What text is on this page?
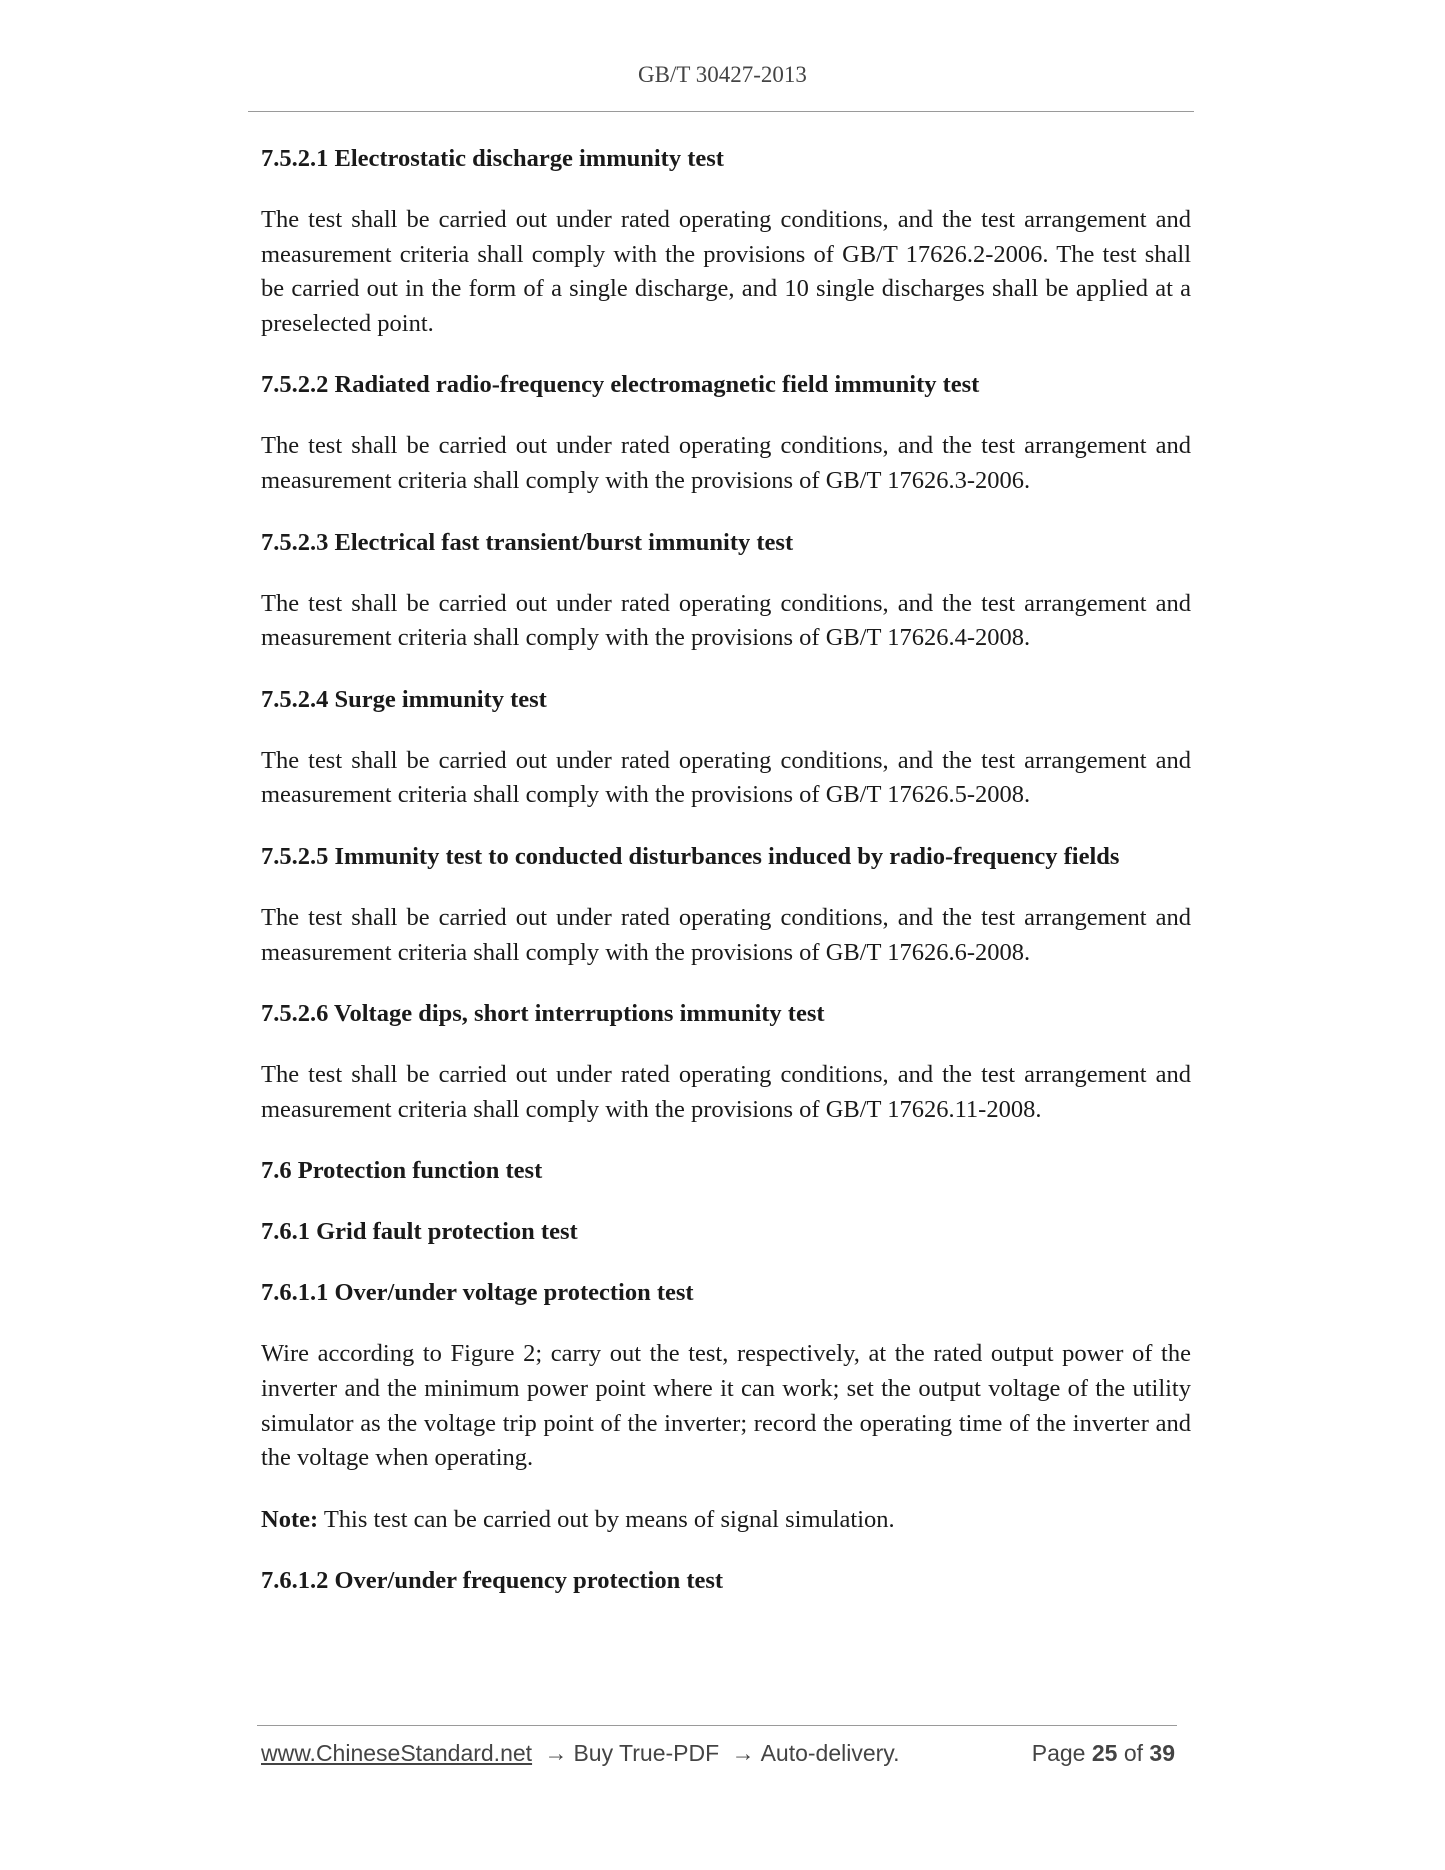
GB/T 30427-2013
7.5.2.1 Electrostatic discharge immunity test
The test shall be carried out under rated operating conditions, and the test arrangement and measurement criteria shall comply with the provisions of GB/T 17626.2-2006. The test shall be carried out in the form of a single discharge, and 10 single discharges shall be applied at a preselected point.
7.5.2.2 Radiated radio-frequency electromagnetic field immunity test
The test shall be carried out under rated operating conditions, and the test arrangement and measurement criteria shall comply with the provisions of GB/T 17626.3-2006.
7.5.2.3 Electrical fast transient/burst immunity test
The test shall be carried out under rated operating conditions, and the test arrangement and measurement criteria shall comply with the provisions of GB/T 17626.4-2008.
7.5.2.4 Surge immunity test
The test shall be carried out under rated operating conditions, and the test arrangement and measurement criteria shall comply with the provisions of GB/T 17626.5-2008.
7.5.2.5 Immunity test to conducted disturbances induced by radio-frequency fields
The test shall be carried out under rated operating conditions, and the test arrangement and measurement criteria shall comply with the provisions of GB/T 17626.6-2008.
7.5.2.6 Voltage dips, short interruptions immunity test
The test shall be carried out under rated operating conditions, and the test arrangement and measurement criteria shall comply with the provisions of GB/T 17626.11-2008.
7.6 Protection function test
7.6.1 Grid fault protection test
7.6.1.1 Over/under voltage protection test
Wire according to Figure 2; carry out the test, respectively, at the rated output power of the inverter and the minimum power point where it can work; set the output voltage of the utility simulator as the voltage trip point of the inverter; record the operating time of the inverter and the voltage when operating.
Note: This test can be carried out by means of signal simulation.
7.6.1.2 Over/under frequency protection test
www.ChineseStandard.net → Buy True-PDF → Auto-delivery.	Page 25 of 39
